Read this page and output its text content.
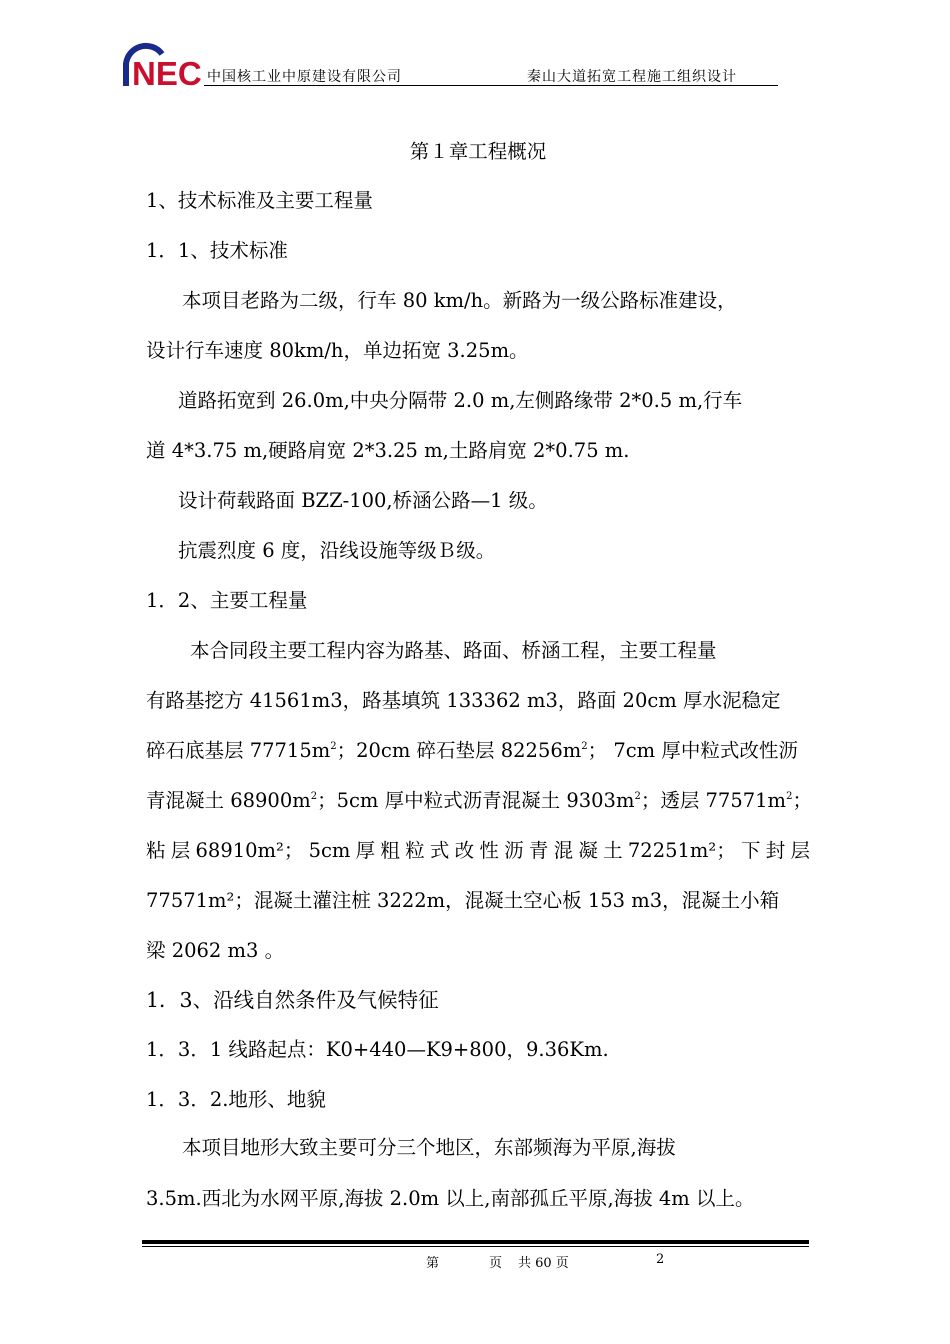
NEC 中国核工业中原建设有限公司	秦山大道拓宽工程施工组织设计
第１章工程概况
1、技术标准及主要工程量
1．1、技术标准
本项目老路为二级，行车 80 km/h。新路为一级公路标准建设，
设计行车速度 80km/h，单边拓宽 3.25m。
道路拓宽到 26.0m,中央分隔带 2.0 m,左侧路缘带 2*0.5 m,行车
道 4*3.75 m,硬路肩宽 2*3.25 m,土路肩宽 2*0.75 m.
设计荷载路面 BZZ-100,桥涵公路—1 级。
抗震烈度 6 度，沿线设施等级Ｂ级。
1．2、主要工程量
本合同段主要工程内容为路基、路面、桥涵工程，主要工程量
有路基挖方 41561m3，路基填筑 133362 m3，路面 20cm 厚水泥稳定
碎石底基层 $77715m^2$；20cm 碎石垫层 $82256m^2$； 7cm 厚中粒式改性沥
青混凝土 $68900m^2$；5cm 厚中粒式沥青混凝土 $9303m^2$；透层 $77571m^2$；
粘 层 68910m²； 5cm 厚 粗 粒 式 改 性 沥 青 混 凝 土 72251m²； 下 封 层
77571m²；混凝土灌注桩 3222m，混凝土空心板 153 m3，混凝土小箱
梁 2062 m3 。
1．3、沿线自然条件及气候特征
1．3．1 线路起点：K0+440—K9+800，9.36Km.
1．3．2.地形、地貌
本项目地形大致主要可分三个地区，东部频海为平原,海拔
3.5m.西北为水网平原,海拔 2.0m 以上,南部孤丘平原,海拔 4m 以上。
第	页 共 60 页	2
